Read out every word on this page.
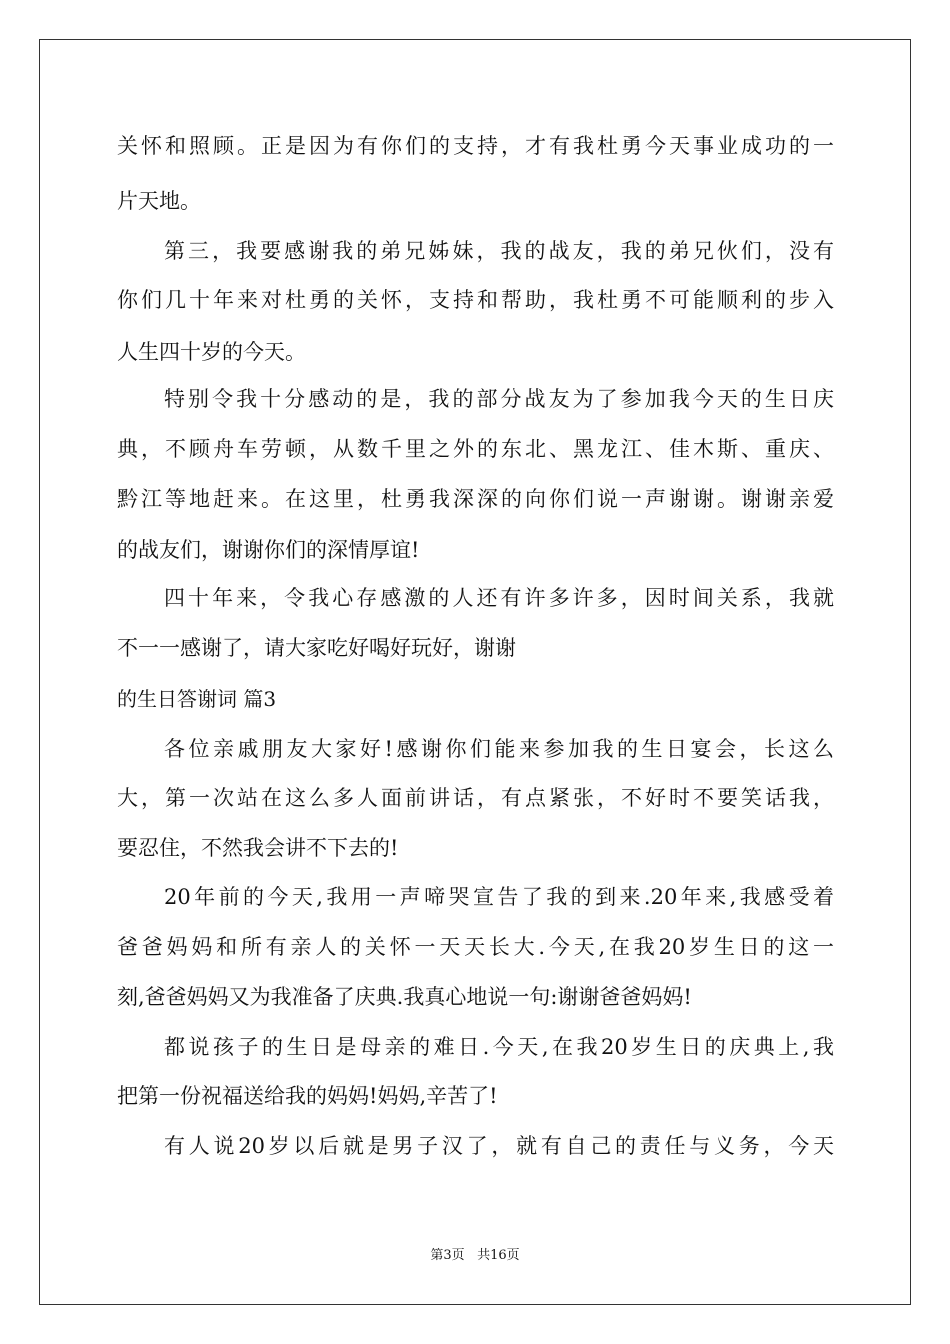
关怀和照顾。正是因为有你们的支持，才有我杜勇今天事业成功的一
片天地。
第三，我要感谢我的弟兄姊妹，我的战友，我的弟兄伙们，没有
你们几十年来对杜勇的关怀，支持和帮助，我杜勇不可能顺利的步入
人生四十岁的今天。
特别令我十分感动的是，我的部分战友为了参加我今天的生日庆
典，不顾舟车劳顿，从数千里之外的东北、黑龙江、佳木斯、重庆、
黔江等地赶来。在这里，杜勇我深深的向你们说一声谢谢。谢谢亲爱
的战友们，谢谢你们的深情厚谊!
四十年来，令我心存感激的人还有许多许多，因时间关系，我就
不一一感谢了，请大家吃好喝好玩好，谢谢
的生日答谢词 篇3
各位亲戚朋友大家好!感谢你们能来参加我的生日宴会，长这么
大，第一次站在这么多人面前讲话，有点紧张，不好时不要笑话我，
要忍住，不然我会讲不下去的!
20年前的今天,我用一声啼哭宣告了我的到来.20年来,我感受着
爸爸妈妈和所有亲人的关怀一天天长大.今天,在我20岁生日的这一
刻,爸爸妈妈又为我准备了庆典.我真心地说一句:谢谢爸爸妈妈!
都说孩子的生日是母亲的难日.今天,在我20岁生日的庆典上,我
把第一份祝福送给我的妈妈!妈妈,辛苦了!
有人说20岁以后就是男子汉了，就有自己的责任与义务，今天
第3页 共16页
